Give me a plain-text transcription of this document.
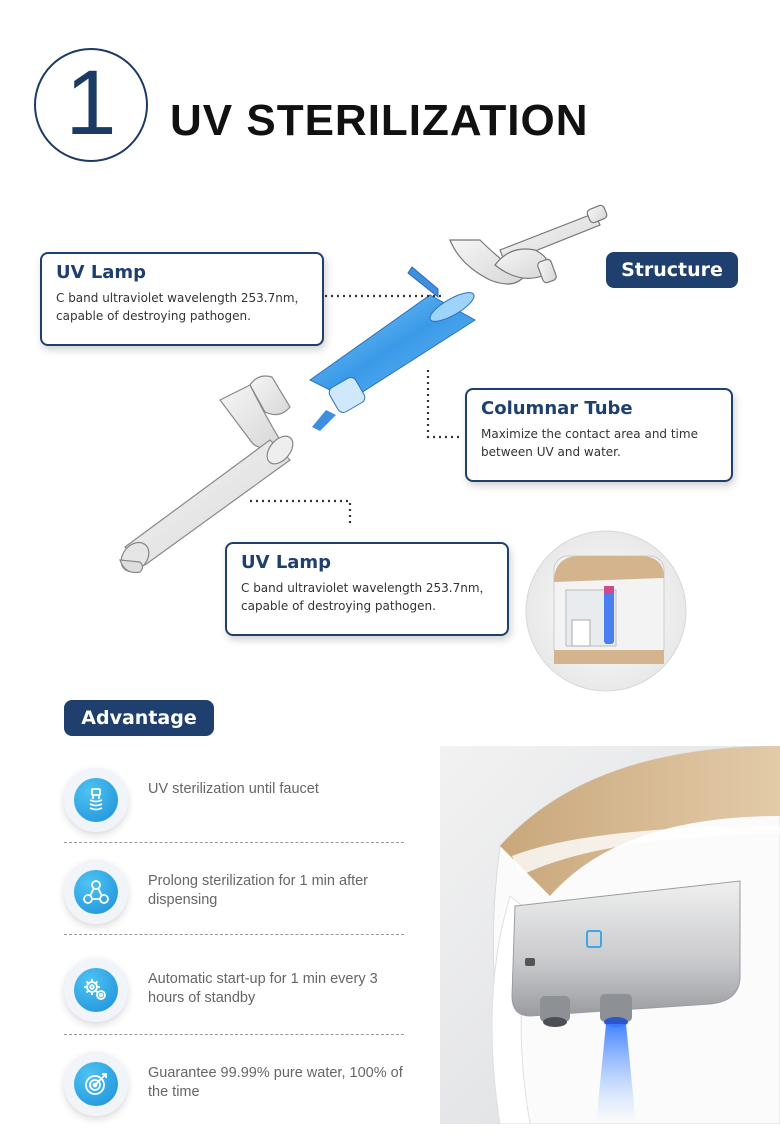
1 UV STERILIZATION
UV Lamp

C band ultraviolet wavelength 253.7nm，capable of destroying pathogen.

Structure
Columnar Tube

Maximize the contact area and time between UV and water.

UV Lamp

C band ultraviolet wavelength 253.7nm，capable of destroying pathogen.

Advantage
UV sterilization until faucet
Prolong sterilization for 1 min after dispensing
Automatic start-up for 1 min every 3 hours of standby
Guarantee 99.99% pure water, 100% of the time
